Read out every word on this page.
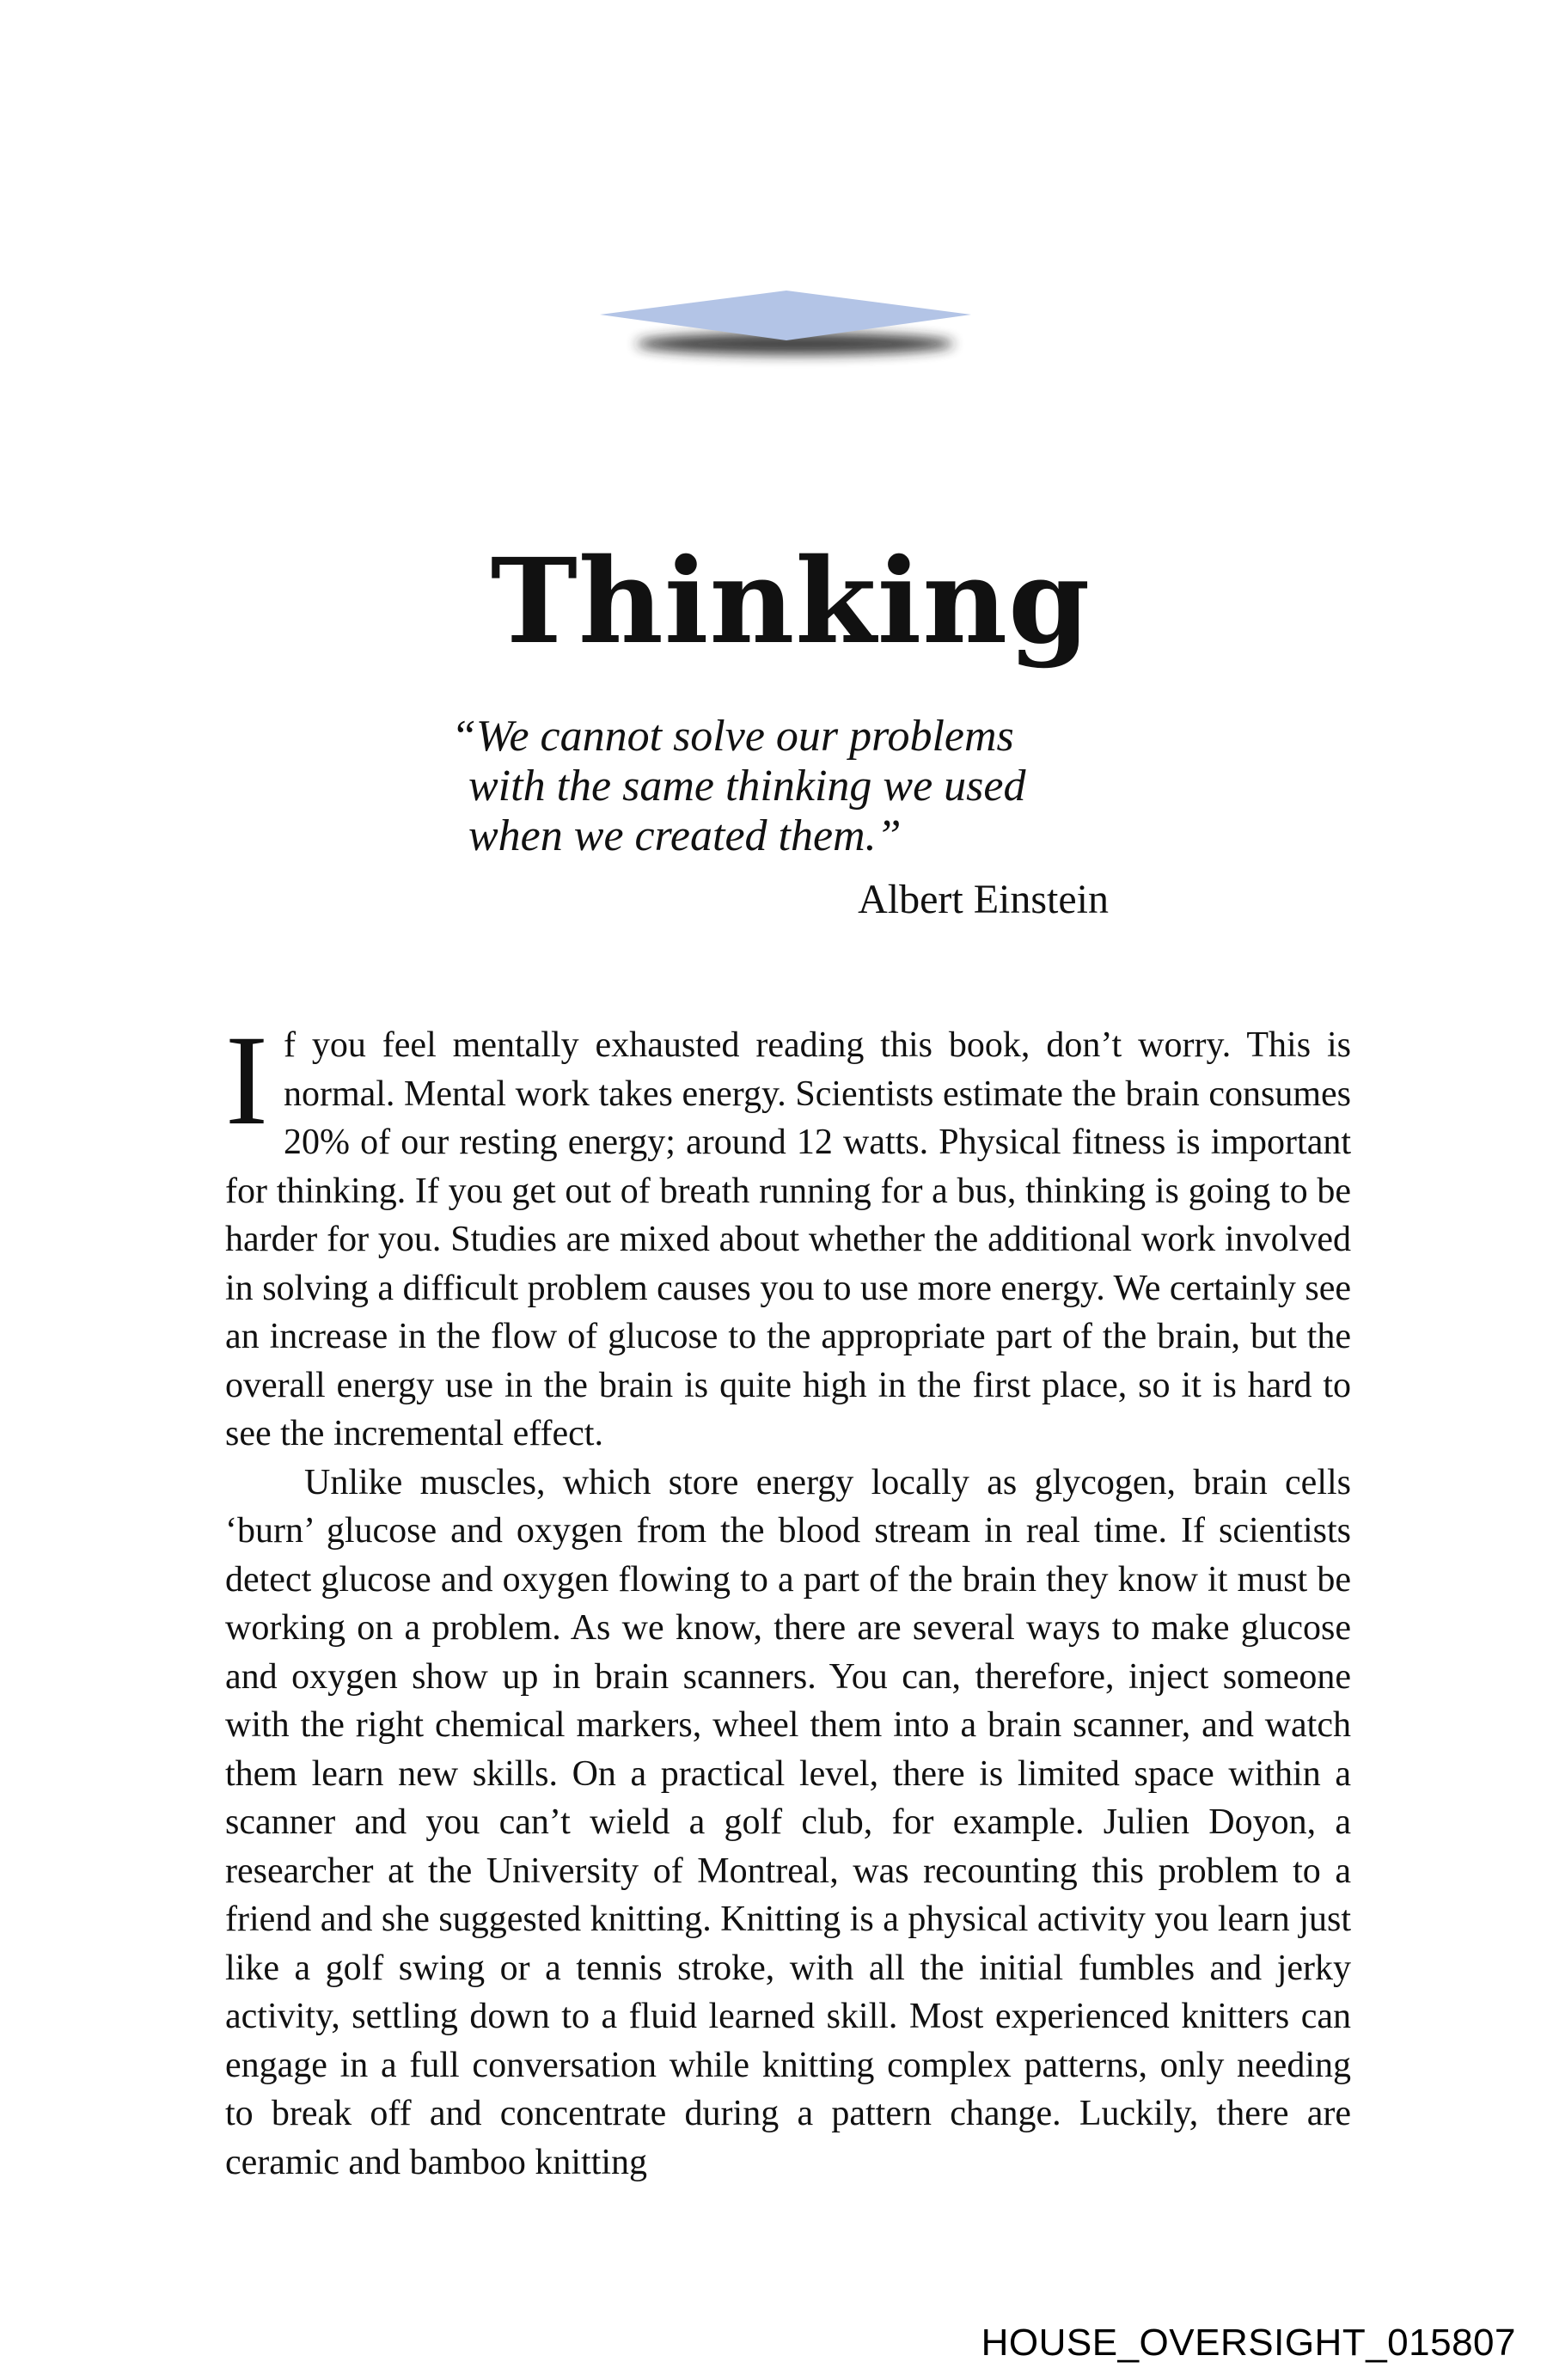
Thinking
“We cannot solve our problems
with the same thinking we used
when we created them.”
Albert Einstein

If you feel mentally exhausted reading this book, don’t worry. This is normal. Mental work takes energy. Scientists estimate the brain consumes 20% of our resting energy; around 12 watts. Physical fitness is important for thinking. If you get out of breath running for a bus, thinking is going to be harder for you. Studies are mixed about whether the additional work involved in solving a difficult problem causes you to use more energy. We certainly see an increase in the flow of glucose to the appropriate part of the brain, but the overall energy use in the brain is quite high in the first place, so it is hard to see the incremental effect.

Unlike muscles, which store energy locally as glycogen, brain cells ‘burn’ glucose and oxygen from the blood stream in real time. If scientists detect glucose and oxygen flowing to a part of the brain they know it must be working on a problem. As we know, there are several ways to make glucose and oxygen show up in brain scanners. You can, therefore, inject someone with the right chemical markers, wheel them into a brain scanner, and watch them learn new skills. On a practical level, there is limited space within a scanner and you can’t wield a golf club, for example. Julien Doyon, a researcher at the University of Montreal, was recounting this problem to a friend and she suggested knitting. Knitting is a physical activity you learn just like a golf swing or a tennis stroke, with all the initial fumbles and jerky activity, settling down to a fluid learned skill. Most experienced knitters can engage in a full conversation while knitting complex patterns, only needing to break off and concentrate during a pattern change. Luckily, there are ceramic and bamboo knitting

HOUSE_OVERSIGHT_015807
